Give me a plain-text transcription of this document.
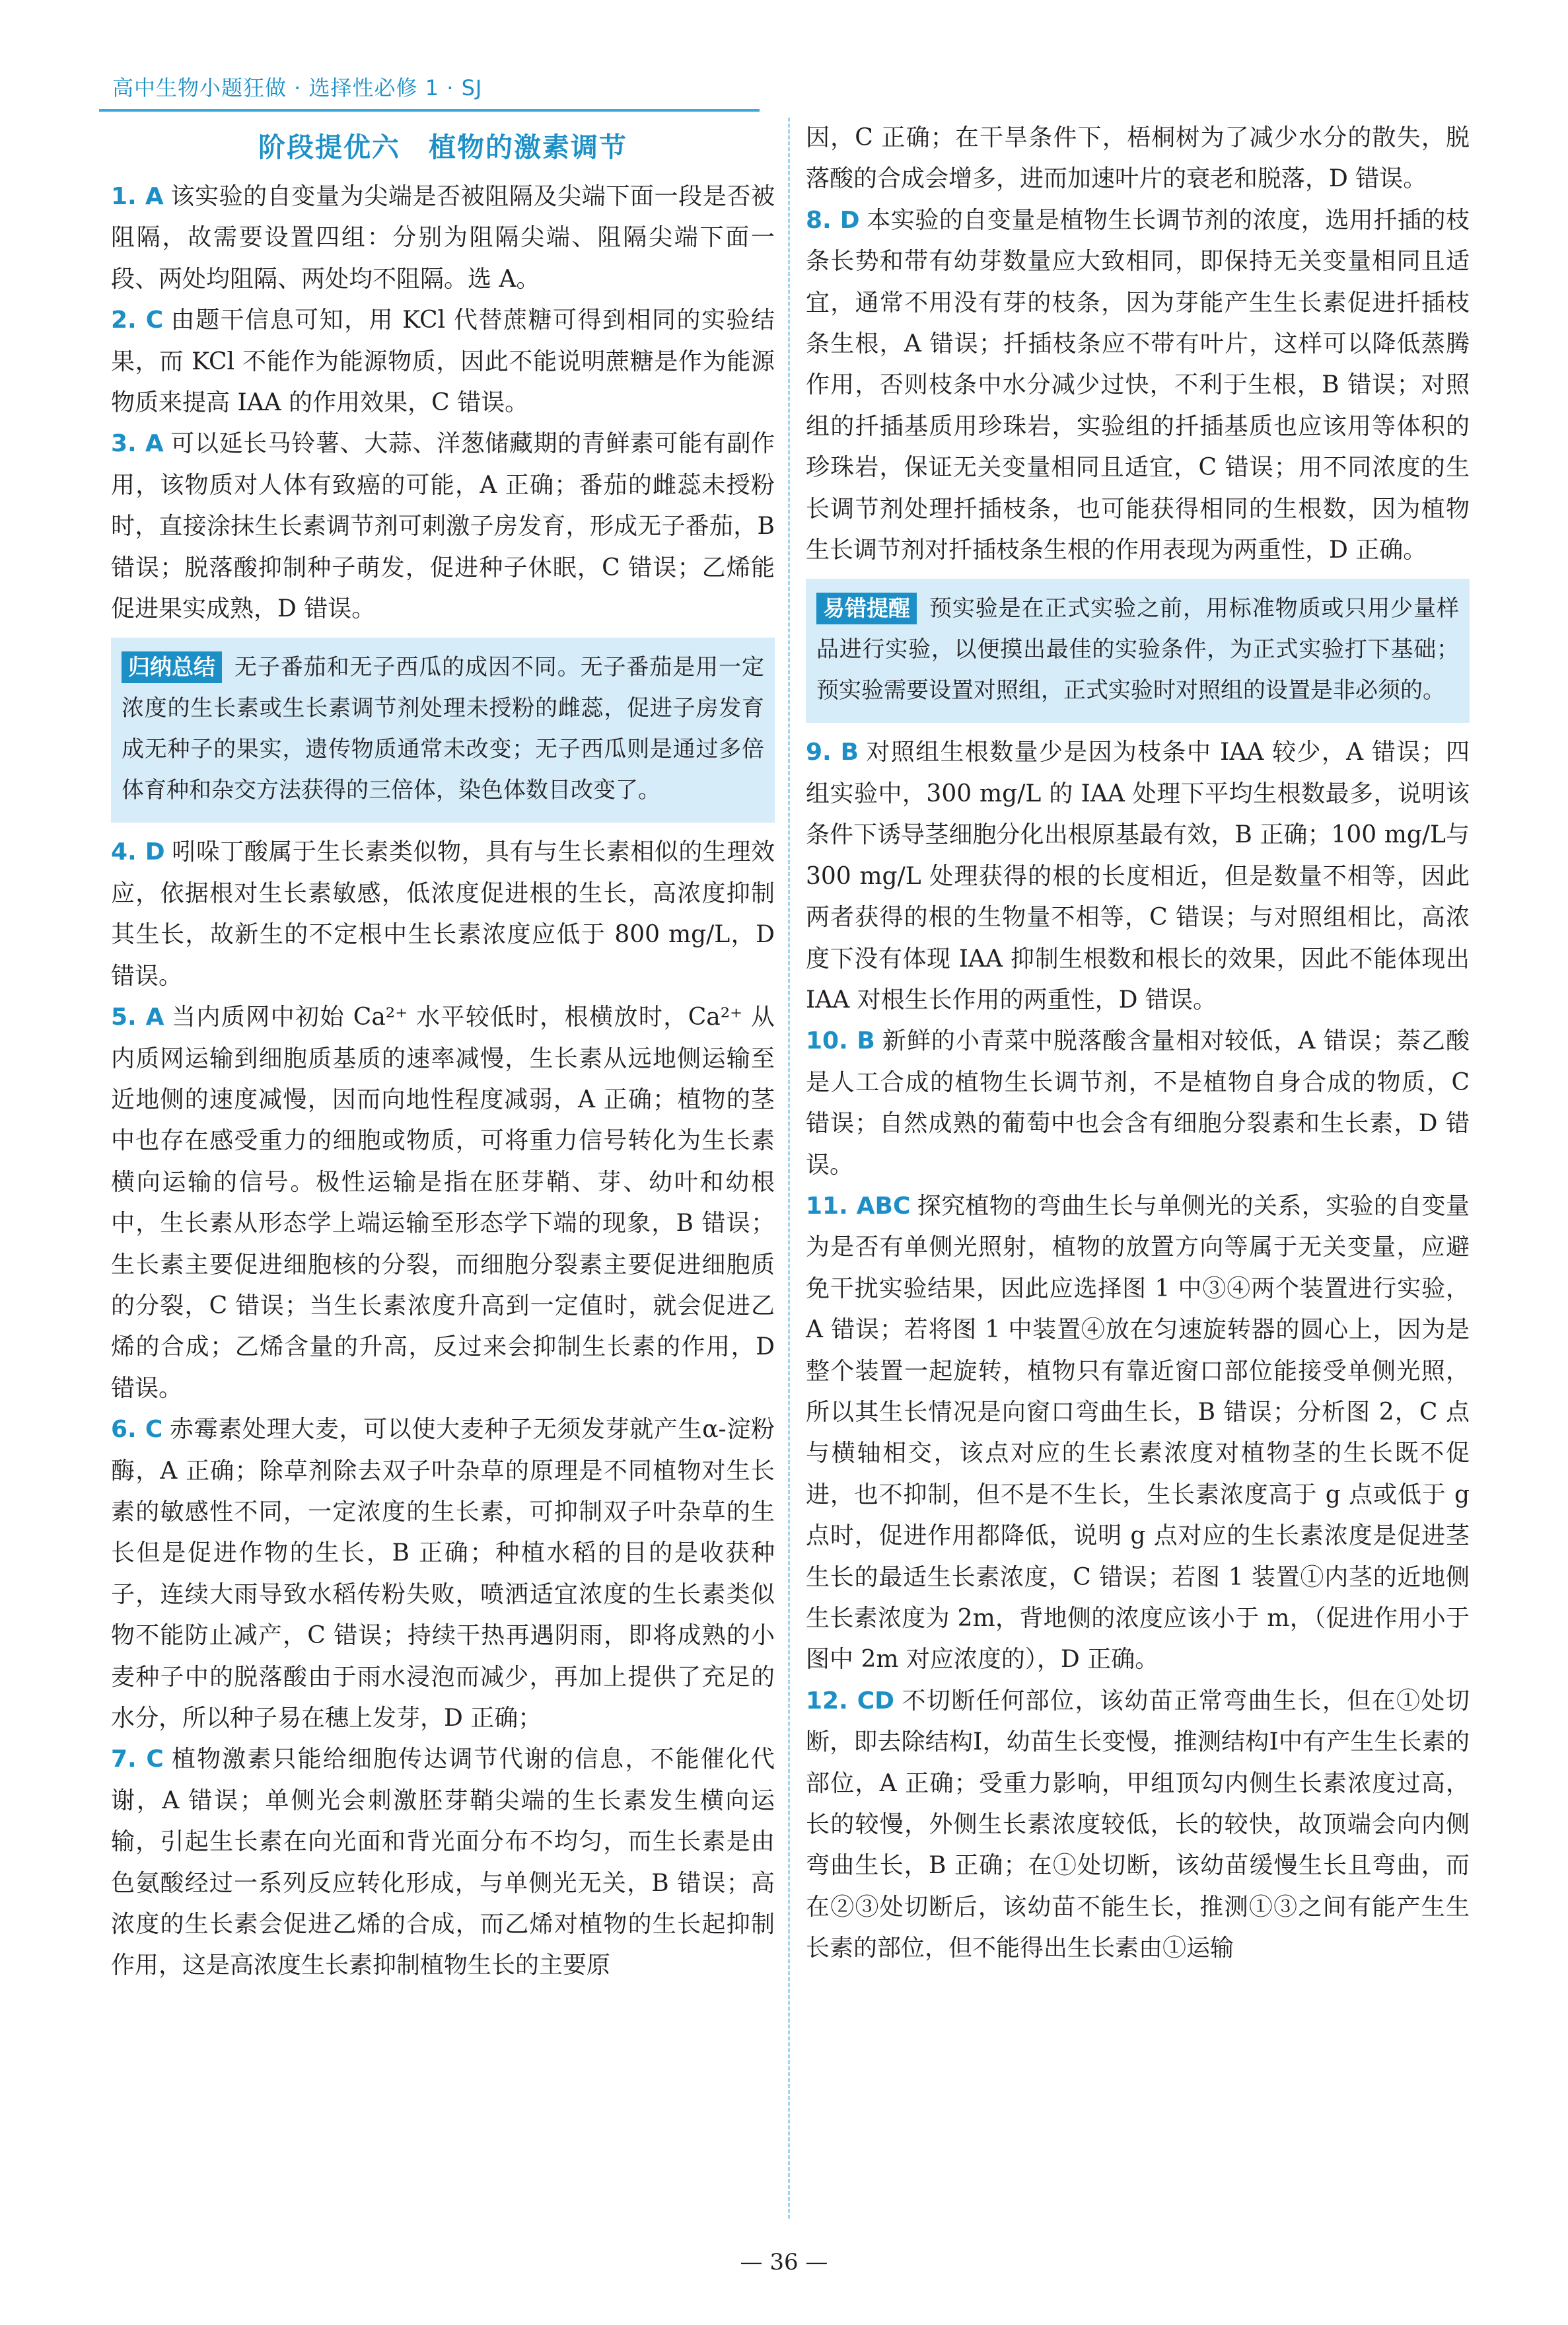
高中生物小题狂做 · 选择性必修 1 · SJ
阶段提优六　植物的激素调节

1. A 该实验的自变量为尖端是否被阻隔及尖端下面一段是否被阻隔，故需要设置四组：分别为阻隔尖端、阻隔尖端下面一段、两处均阻隔、两处均不阻隔。选 A。

2. C 由题干信息可知，用 KCl 代替蔗糖可得到相同的实验结果，而 KCl 不能作为能源物质，因此不能说明蔗糖是作为能源物质来提高 IAA 的作用效果，C 错误。

3. A 可以延长马铃薯、大蒜、洋葱储藏期的青鲜素可能有副作用，该物质对人体有致癌的可能，A 正确；番茄的雌蕊未授粉时，直接涂抹生长素调节剂可刺激子房发育，形成无子番茄，B 错误；脱落酸抑制种子萌发，促进种子休眠，C 错误；乙烯能促进果实成熟，D 错误。

归纳总结 无子番茄和无子西瓜的成因不同。无子番茄是用一定浓度的生长素或生长素调节剂处理未授粉的雌蕊，促进子房发育成无种子的果实，遗传物质通常未改变；无子西瓜则是通过多倍体育种和杂交方法获得的三倍体，染色体数目改变了。

4. D 吲哚丁酸属于生长素类似物，具有与生长素相似的生理效应，依据根对生长素敏感，低浓度促进根的生长，高浓度抑制其生长，故新生的不定根中生长素浓度应低于 800 mg/L，D 错误。

5. A 当内质网中初始 Ca²⁺ 水平较低时，根横放时，Ca²⁺ 从内质网运输到细胞质基质的速率减慢，生长素从远地侧运输至近地侧的速度减慢，因而向地性程度减弱，A 正确；植物的茎中也存在感受重力的细胞或物质，可将重力信号转化为生长素横向运输的信号。极性运输是指在胚芽鞘、芽、幼叶和幼根中，生长素从形态学上端运输至形态学下端的现象，B 错误；生长素主要促进细胞核的分裂，而细胞分裂素主要促进细胞质的分裂，C 错误；当生长素浓度升高到一定值时，就会促进乙烯的合成；乙烯含量的升高，反过来会抑制生长素的作用，D 错误。

6. C 赤霉素处理大麦，可以使大麦种子无须发芽就产生α-淀粉酶，A 正确；除草剂除去双子叶杂草的原理是不同植物对生长素的敏感性不同，一定浓度的生长素，可抑制双子叶杂草的生长但是促进作物的生长，B 正确；种植水稻的目的是收获种子，连续大雨导致水稻传粉失败，喷洒适宜浓度的生长素类似物不能防止减产，C 错误；持续干热再遇阴雨，即将成熟的小麦种子中的脱落酸由于雨水浸泡而减少，再加上提供了充足的水分，所以种子易在穗上发芽，D 正确；

7. C 植物激素只能给细胞传达调节代谢的信息，不能催化代谢，A 错误；单侧光会刺激胚芽鞘尖端的生长素发生横向运输，引起生长素在向光面和背光面分布不均匀，而生长素是由色氨酸经过一系列反应转化形成，与单侧光无关，B 错误；高浓度的生长素会促进乙烯的合成，而乙烯对植物的生长起抑制作用，这是高浓度生长素抑制植物生长的主要原

因，C 正确；在干旱条件下，梧桐树为了减少水分的散失，脱落酸的合成会增多，进而加速叶片的衰老和脱落，D 错误。

8. D 本实验的自变量是植物生长调节剂的浓度，选用扦插的枝条长势和带有幼芽数量应大致相同，即保持无关变量相同且适宜，通常不用没有芽的枝条，因为芽能产生生长素促进扦插枝条生根，A 错误；扦插枝条应不带有叶片，这样可以降低蒸腾作用，否则枝条中水分减少过快，不利于生根，B 错误；对照组的扦插基质用珍珠岩，实验组的扦插基质也应该用等体积的珍珠岩，保证无关变量相同且适宜，C 错误；用不同浓度的生长调节剂处理扦插枝条，也可能获得相同的生根数，因为植物生长调节剂对扦插枝条生根的作用表现为两重性，D 正确。

易错提醒 预实验是在正式实验之前，用标准物质或只用少量样品进行实验，以便摸出最佳的实验条件，为正式实验打下基础；预实验需要设置对照组，正式实验时对照组的设置是非必须的。

9. B 对照组生根数量少是因为枝条中 IAA 较少，A 错误；四组实验中，300 mg/L 的 IAA 处理下平均生根数最多，说明该条件下诱导茎细胞分化出根原基最有效，B 正确；100 mg/L与 300 mg/L 处理获得的根的长度相近，但是数量不相等，因此两者获得的根的生物量不相等，C 错误；与对照组相比，高浓度下没有体现 IAA 抑制生根数和根长的效果，因此不能体现出 IAA 对根生长作用的两重性，D 错误。

10. B 新鲜的小青菜中脱落酸含量相对较低，A 错误；萘乙酸是人工合成的植物生长调节剂，不是植物自身合成的物质，C 错误；自然成熟的葡萄中也会含有细胞分裂素和生长素，D 错误。

11. ABC 探究植物的弯曲生长与单侧光的关系，实验的自变量为是否有单侧光照射，植物的放置方向等属于无关变量，应避免干扰实验结果，因此应选择图 1 中③④两个装置进行实验，A 错误；若将图 1 中装置④放在匀速旋转器的圆心上，因为是整个装置一起旋转，植物只有靠近窗口部位能接受单侧光照，所以其生长情况是向窗口弯曲生长，B 错误；分析图 2，C 点与横轴相交，该点对应的生长素浓度对植物茎的生长既不促进，也不抑制，但不是不生长，生长素浓度高于 g 点或低于 g 点时，促进作用都降低，说明 g 点对应的生长素浓度是促进茎生长的最适生长素浓度，C 错误；若图 1 装置①内茎的近地侧生长素浓度为 2m，背地侧的浓度应该小于 m，（促进作用小于图中 2m 对应浓度的），D 正确。

12. CD 不切断任何部位，该幼苗正常弯曲生长，但在①处切断，即去除结构Ⅰ，幼苗生长变慢，推测结构Ⅰ中有产生生长素的部位，A 正确；受重力影响，甲组顶勾内侧生长素浓度过高，长的较慢，外侧生长素浓度较低，长的较快，故顶端会向内侧弯曲生长，B 正确；在①处切断，该幼苗缓慢生长且弯曲，而在②③处切断后，该幼苗不能生长，推测①③之间有能产生生长素的部位，但不能得出生长素由①运输

— 36 —
